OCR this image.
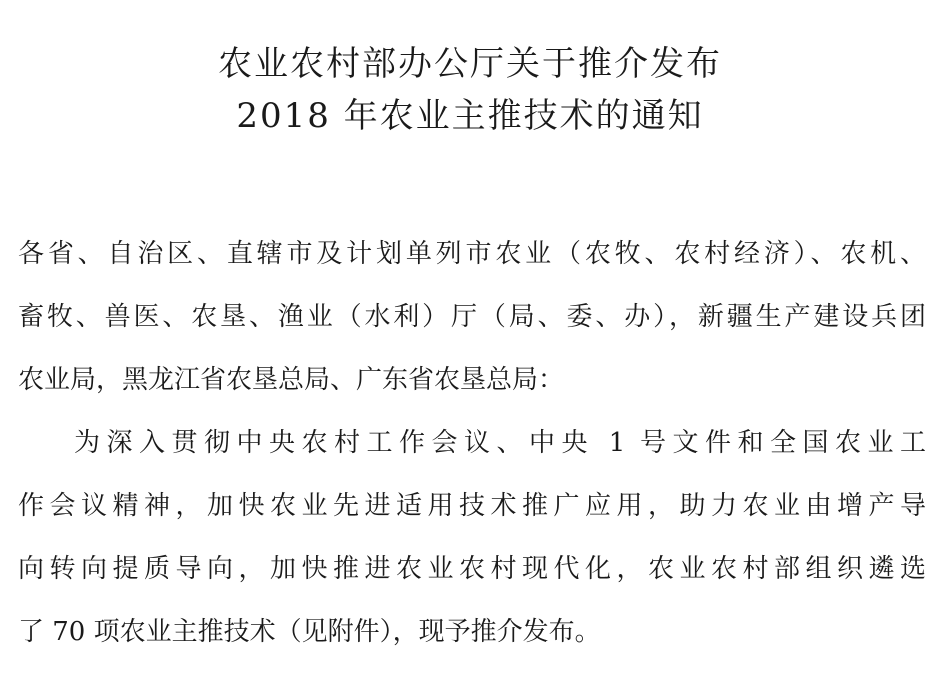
农业农村部办公厅关于推介发布
2018 年农业主推技术的通知

各省、自治区、直辖市及计划单列市农业（农牧、农村经济）、农机、
畜牧、兽医、农垦、渔业（水利）厅（局、委、办），新疆生产建设兵团
农业局，黑龙江省农垦总局、广东省农垦总局：

为深入贯彻中央农村工作会议、中央 1 号文件和全国农业工
作会议精神，加快农业先进适用技术推广应用，助力农业由增产导
向转向提质导向，加快推进农业农村现代化，农业农村部组织遴选
了 70 项农业主推技术（见附件），现予推介发布。
